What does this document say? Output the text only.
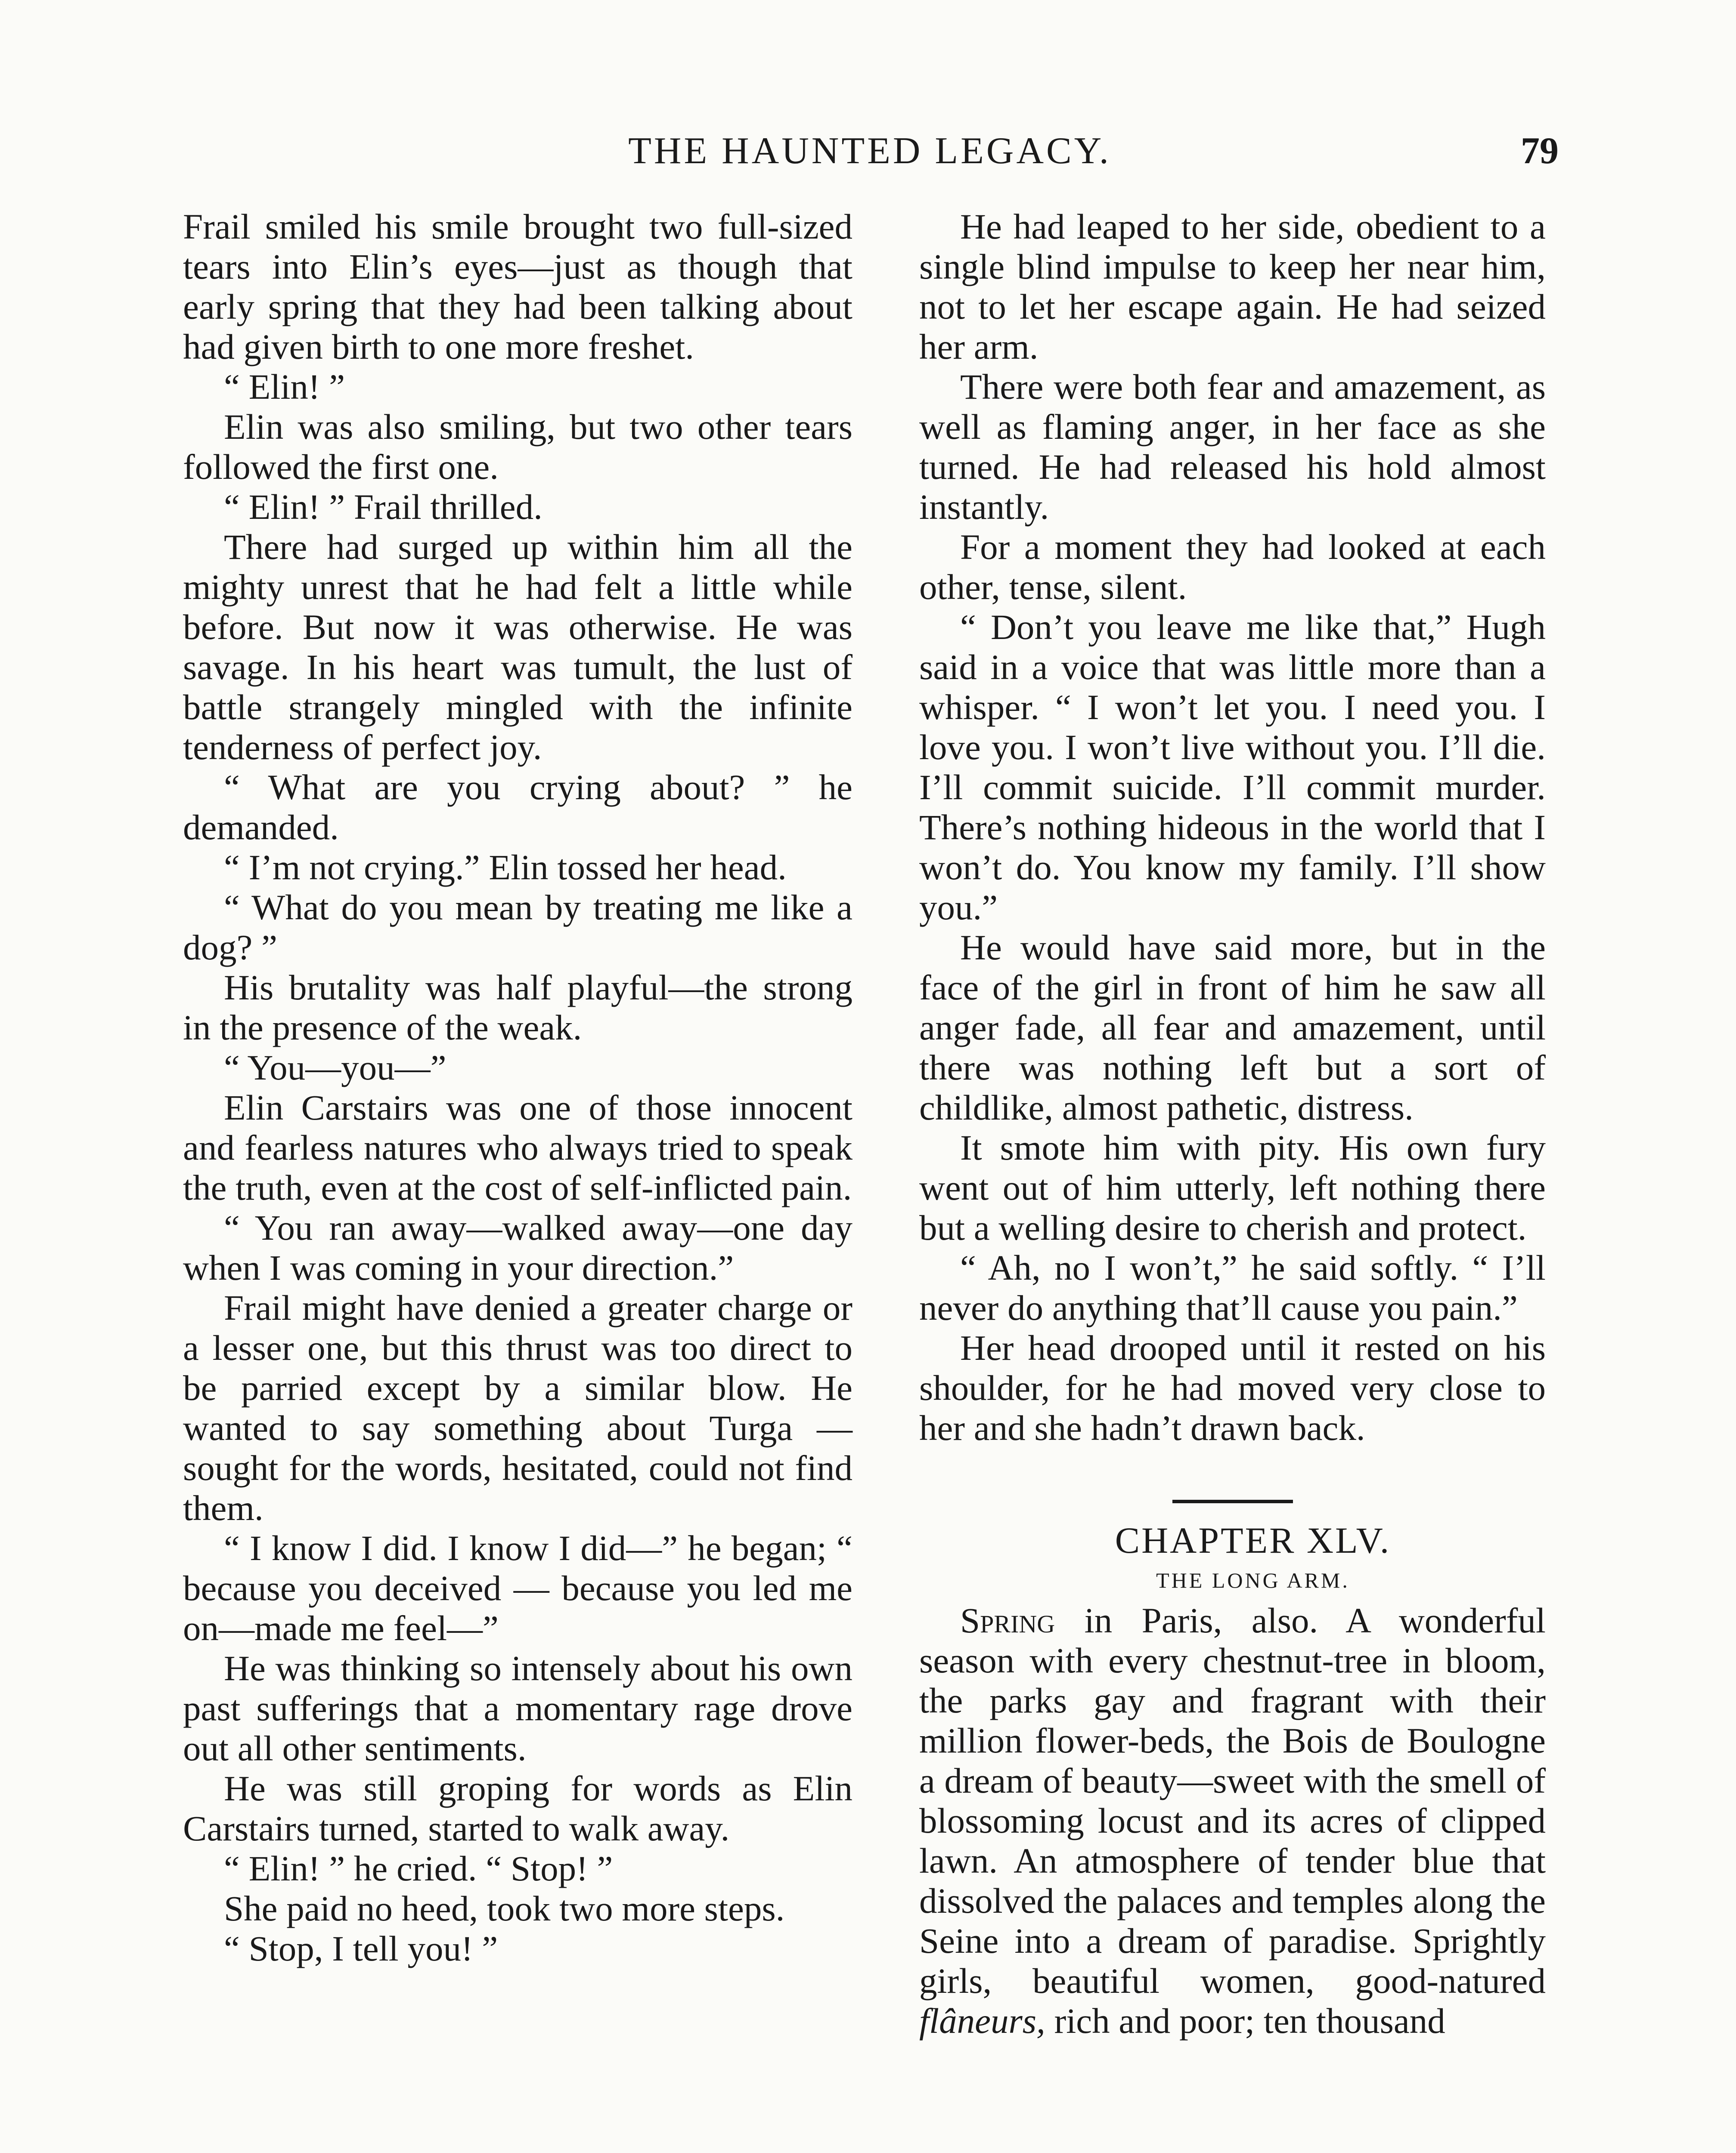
THE HAUNTED LEGACY.	79

Frail smiled his smile brought two full-sized tears into Elin’s eyes—just as though that early spring that they had been talking about had given birth to one more freshet.

“ Elin! ”

Elin was also smiling, but two other tears followed the first one.

“ Elin! ” Frail thrilled.

There had surged up within him all the mighty unrest that he had felt a little while before. But now it was otherwise. He was savage. In his heart was tumult, the lust of battle strangely mingled with the infinite tenderness of perfect joy.

“ What are you crying about? ” he demanded.

“ I’m not crying.” Elin tossed her head.

“ What do you mean by treating me like a dog? ”

His brutality was half playful—the strong in the presence of the weak.

“ You—you—”

Elin Carstairs was one of those innocent and fearless natures who always tried to speak the truth, even at the cost of self-inflicted pain.

“ You ran away—walked away—one day when I was coming in your direction.”

Frail might have denied a greater charge or a lesser one, but this thrust was too direct to be parried except by a similar blow. He wanted to say something about Turga — sought for the words, hesitated, could not find them.

“ I know I did. I know I did—” he began; “ because you deceived — because you led me on—made me feel—”

He was thinking so intensely about his own past sufferings that a momentary rage drove out all other sentiments.

He was still groping for words as Elin Carstairs turned, started to walk away.

“ Elin! ” he cried. “ Stop! ”

She paid no heed, took two more steps.

“ Stop, I tell you! ”

He had leaped to her side, obedient to a single blind impulse to keep her near him, not to let her escape again. He had seized her arm.

There were both fear and amazement, as well as flaming anger, in her face as she turned. He had released his hold almost instantly.

For a moment they had looked at each other, tense, silent.

“ Don’t you leave me like that,” Hugh said in a voice that was little more than a whisper. “ I won’t let you. I need you. I love you. I won’t live without you. I’ll die. I’ll commit suicide. I’ll commit murder. There’s nothing hideous in the world that I won’t do. You know my family. I’ll show you.”

He would have said more, but in the face of the girl in front of him he saw all anger fade, all fear and amazement, until there was nothing left but a sort of childlike, almost pathetic, distress.

It smote him with pity. His own fury went out of him utterly, left nothing there but a welling desire to cherish and protect.

“ Ah, no I won’t,” he said softly. “ I’ll never do anything that’ll cause you pain.”

Her head drooped until it rested on his shoulder, for he had moved very close to her and she hadn’t drawn back.

CHAPTER XLV.

THE LONG ARM.

Spring in Paris, also. A wonderful season with every chestnut-tree in bloom, the parks gay and fragrant with their million flower-beds, the Bois de Boulogne a dream of beauty—sweet with the smell of blossoming locust and its acres of clipped lawn. An atmosphere of tender blue that dissolved the palaces and temples along the Seine into a dream of paradise. Sprightly girls, beautiful women, good-natured flâneurs, rich and poor; ten thousand
